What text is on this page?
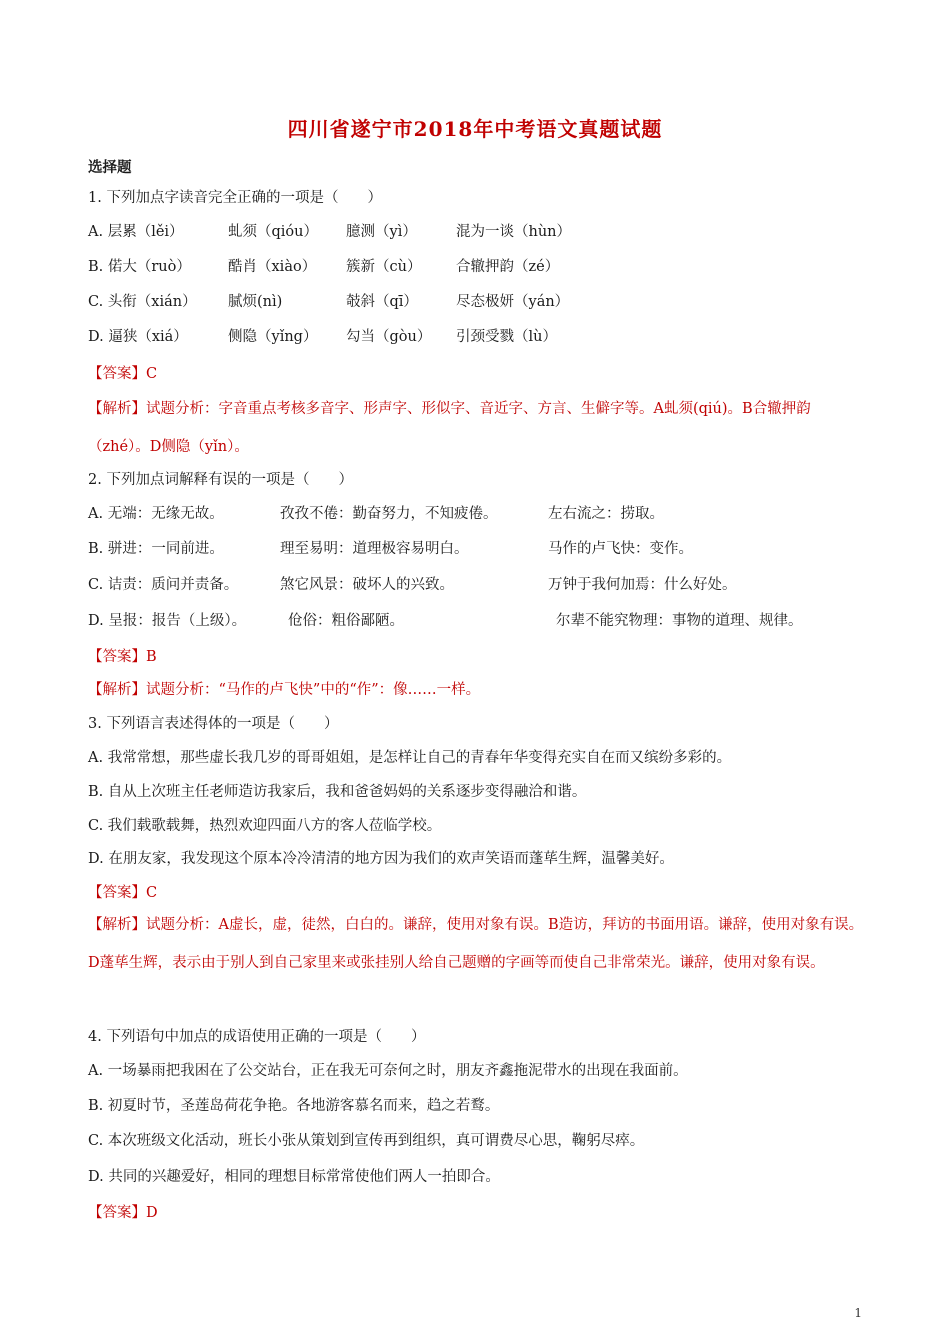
四川省遂宁市2018年中考语文真题试题
选择题
1. 下列加点字读音完全正确的一项是（　　）
A. 层累（lěi）	虬须（qióu） 臆测（yì）	混为一谈（hùn）
B. 偌大（ruò）	酷肖（xiào） 簇新（cù） 合辙押韵（zé）
C. 头衔（xián） 腻烦(nì)	攲斜（qī）	尽态极妍（yán）
D. 逼狭（xiá）	侧隐（yǐng） 勾当（gòu） 引颈受戮（lù）
【答案】C
【解析】试题分析：字音重点考核多音字、形声字、形似字、音近字、方言、生僻字等。A虬须(qiú)。B合辙押韵
（zhé）。D侧隐（yǐn）。
2. 下列加点词解释有误的一项是（　　）
A. 无端：无缘无故。	孜孜不倦：勤奋努力，不知疲倦。	左右流之：捞取。
B. 骈进：一同前进。	理至易明：道理极容易明白。	马作的卢飞快：变作。
C. 诘责：质问并责备。	煞它风景：破坏人的兴致。	万钟于我何加焉：什么好处。
D. 呈报：报告（上级）。	伧俗：粗俗鄙陋。	尔辈不能究物理：事物的道理、规律。
【答案】B
【解析】试题分析：“马作的卢飞快”中的“作”：像……一样。
3. 下列语言表述得体的一项是（　　）
A. 我常常想，那些虚长我几岁的哥哥姐姐，是怎样让自己的青春年华变得充实自在而又缤纷多彩的。
B. 自从上次班主任老师造访我家后，我和爸爸妈妈的关系逐步变得融洽和谐。
C. 我们载歌载舞，热烈欢迎四面八方的客人莅临学校。
D. 在朋友家，我发现这个原本冷冷清清的地方因为我们的欢声笑语而蓬荜生辉，温馨美好。
【答案】C
【解析】试题分析：A虚长，虚，徒然，白白的。谦辞，使用对象有误。B造访，拜访的书面用语。谦辞，使用对象有误。D蓬荜生辉，表示由于别人到自己家里来或张挂别人给自己题赠的字画等而使自己非常荣光。谦辞，使用对象有误。
4. 下列语句中加点的成语使用正确的一项是（　　）
A. 一场暴雨把我困在了公交站台，正在我无可奈何之时，朋友齐鑫拖泥带水的出现在我面前。
B. 初夏时节，圣莲岛荷花争艳。各地游客慕名而来，趋之若鹜。
C. 本次班级文化活动，班长小张从策划到宣传再到组织，真可谓费尽心思，鞠躬尽瘁。
D. 共同的兴趣爱好，相同的理想目标常常使他们两人一拍即合。
【答案】D
1
